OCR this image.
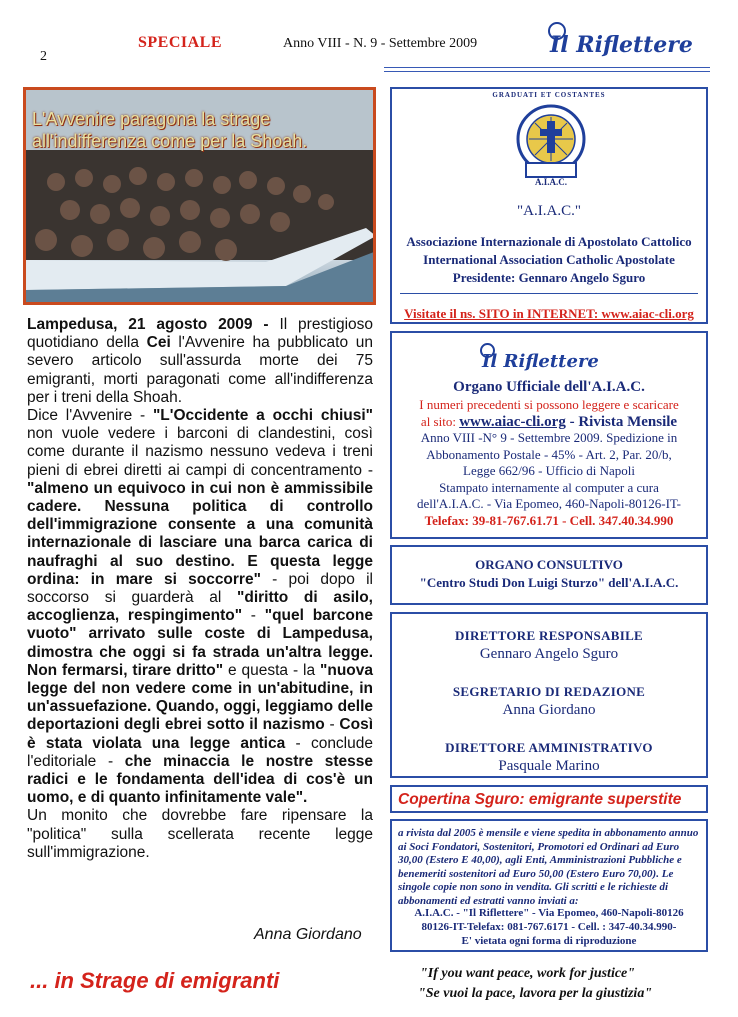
2
SPECIALE	Anno VIII - N. 9 - Settembre 2009	Il Riflettere
L'Avvenire paragona la strage all'indifferenza come per la Shoah.

Lampedusa, 21 agosto 2009 - Il prestigioso quotidiano della Cei l'Avvenire ha pubblicato un severo articolo sull'assurda morte dei 75 emigranti, morti paragonati come all'indifferenza per i treni della Shoah.

Dice l'Avvenire - "L'Occidente a occhi chiusi" non vuole vedere i barconi di clandestini, così come durante il nazismo nessuno vedeva i treni pieni di ebrei diretti ai campi di concentramento - "almeno un equivoco in cui non è ammissibile cadere. Nessuna politica di controllo dell'immigrazione consente a una comunità internazionale di lasciare una barca carica di naufraghi al suo destino. E questa legge ordina: in mare si soccorre" - poi dopo il soccorso si guarderà al "diritto di asilo, accoglienza, respingimento" - "quel barcone vuoto" arrivato sulle coste di Lampedusa, dimostra che oggi si fa strada un'altra legge. Non fermarsi, tirare dritto" e questa - la "nuova legge del non vedere come in un'abitudine, in un'assuefazione. Quando, oggi, leggiamo delle deportazioni degli ebrei sotto il nazismo - Così è stata violata una legge antica - conclude l'editoriale - che minaccia le nostre stesse radici e le fondamenta dell'idea di cos'è un uomo, e di quanto infinitamente vale".

Un monito che dovrebbe fare ripensare la "politica" sulla scellerata recente legge sull'immigrazione.

Anna Giordano
A.I.A.C.
GRADUATI ET COSTANTES
"A.I.A.C."
Associazione Internazionale di Apostolato Cattolico
International Association Catholic Apostolate
Presidente: Gennaro Angelo Sguro
Visitate il ns. SITO in INTERNET: www.aiac-cli.org
Il Riflettere
Organo Ufficiale dell'A.I.A.C.
I numeri precedenti si possono leggere e scaricare
al sito: www.aiac-cli.org - Rivista Mensile
Anno VIII -N° 9 - Settembre 2009. Spedizione in
Abbonamento Postale - 45% - Art. 2, Par. 20/b,
Legge 662/96 - Ufficio di Napoli
Stampato internamente al computer a cura
dell'A.I.A.C. - Via Epomeo, 460-Napoli-80126-IT-
Telefax: 39-81-767.61.71 - Cell. 347.40.34.990
ORGANO CONSULTIVO
"Centro Studi Don Luigi Sturzo" dell'A.I.A.C.
DIRETTORE RESPONSABILE
Gennaro Angelo Sguro
SEGRETARIO DI REDAZIONE
Anna Giordano
DIRETTORE AMMINISTRATIVO
Pasquale Marino
Copertina Sguro: emigrante superstite
a rivista dal 2005 è mensile e viene spedita in abbonamento annuo ai Soci Fondatori, Sostenitori, Promotori ed Ordinari ad Euro 30,00 (Estero E 40,00), agli Enti, Amministrazioni Pubbliche e benemeriti sostenitori ad Euro 50,00 (Estero Euro 70,00). Le singole copie non sono in vendita. Gli scritti e le richieste di abbonamenti ed estratti vanno inviati a:
A.I.A.C. - "Il Riflettere" - Via Epomeo, 460-Napoli-80126
80126-IT-Telefax: 081-767.6171 - Cell. : 347-40.34.990-
E' vietata ogni forma di riproduzione
... in Strage di emigranti	"If you want peace, work for justice"
"Se vuoi la pace, lavora per la giustizia"
